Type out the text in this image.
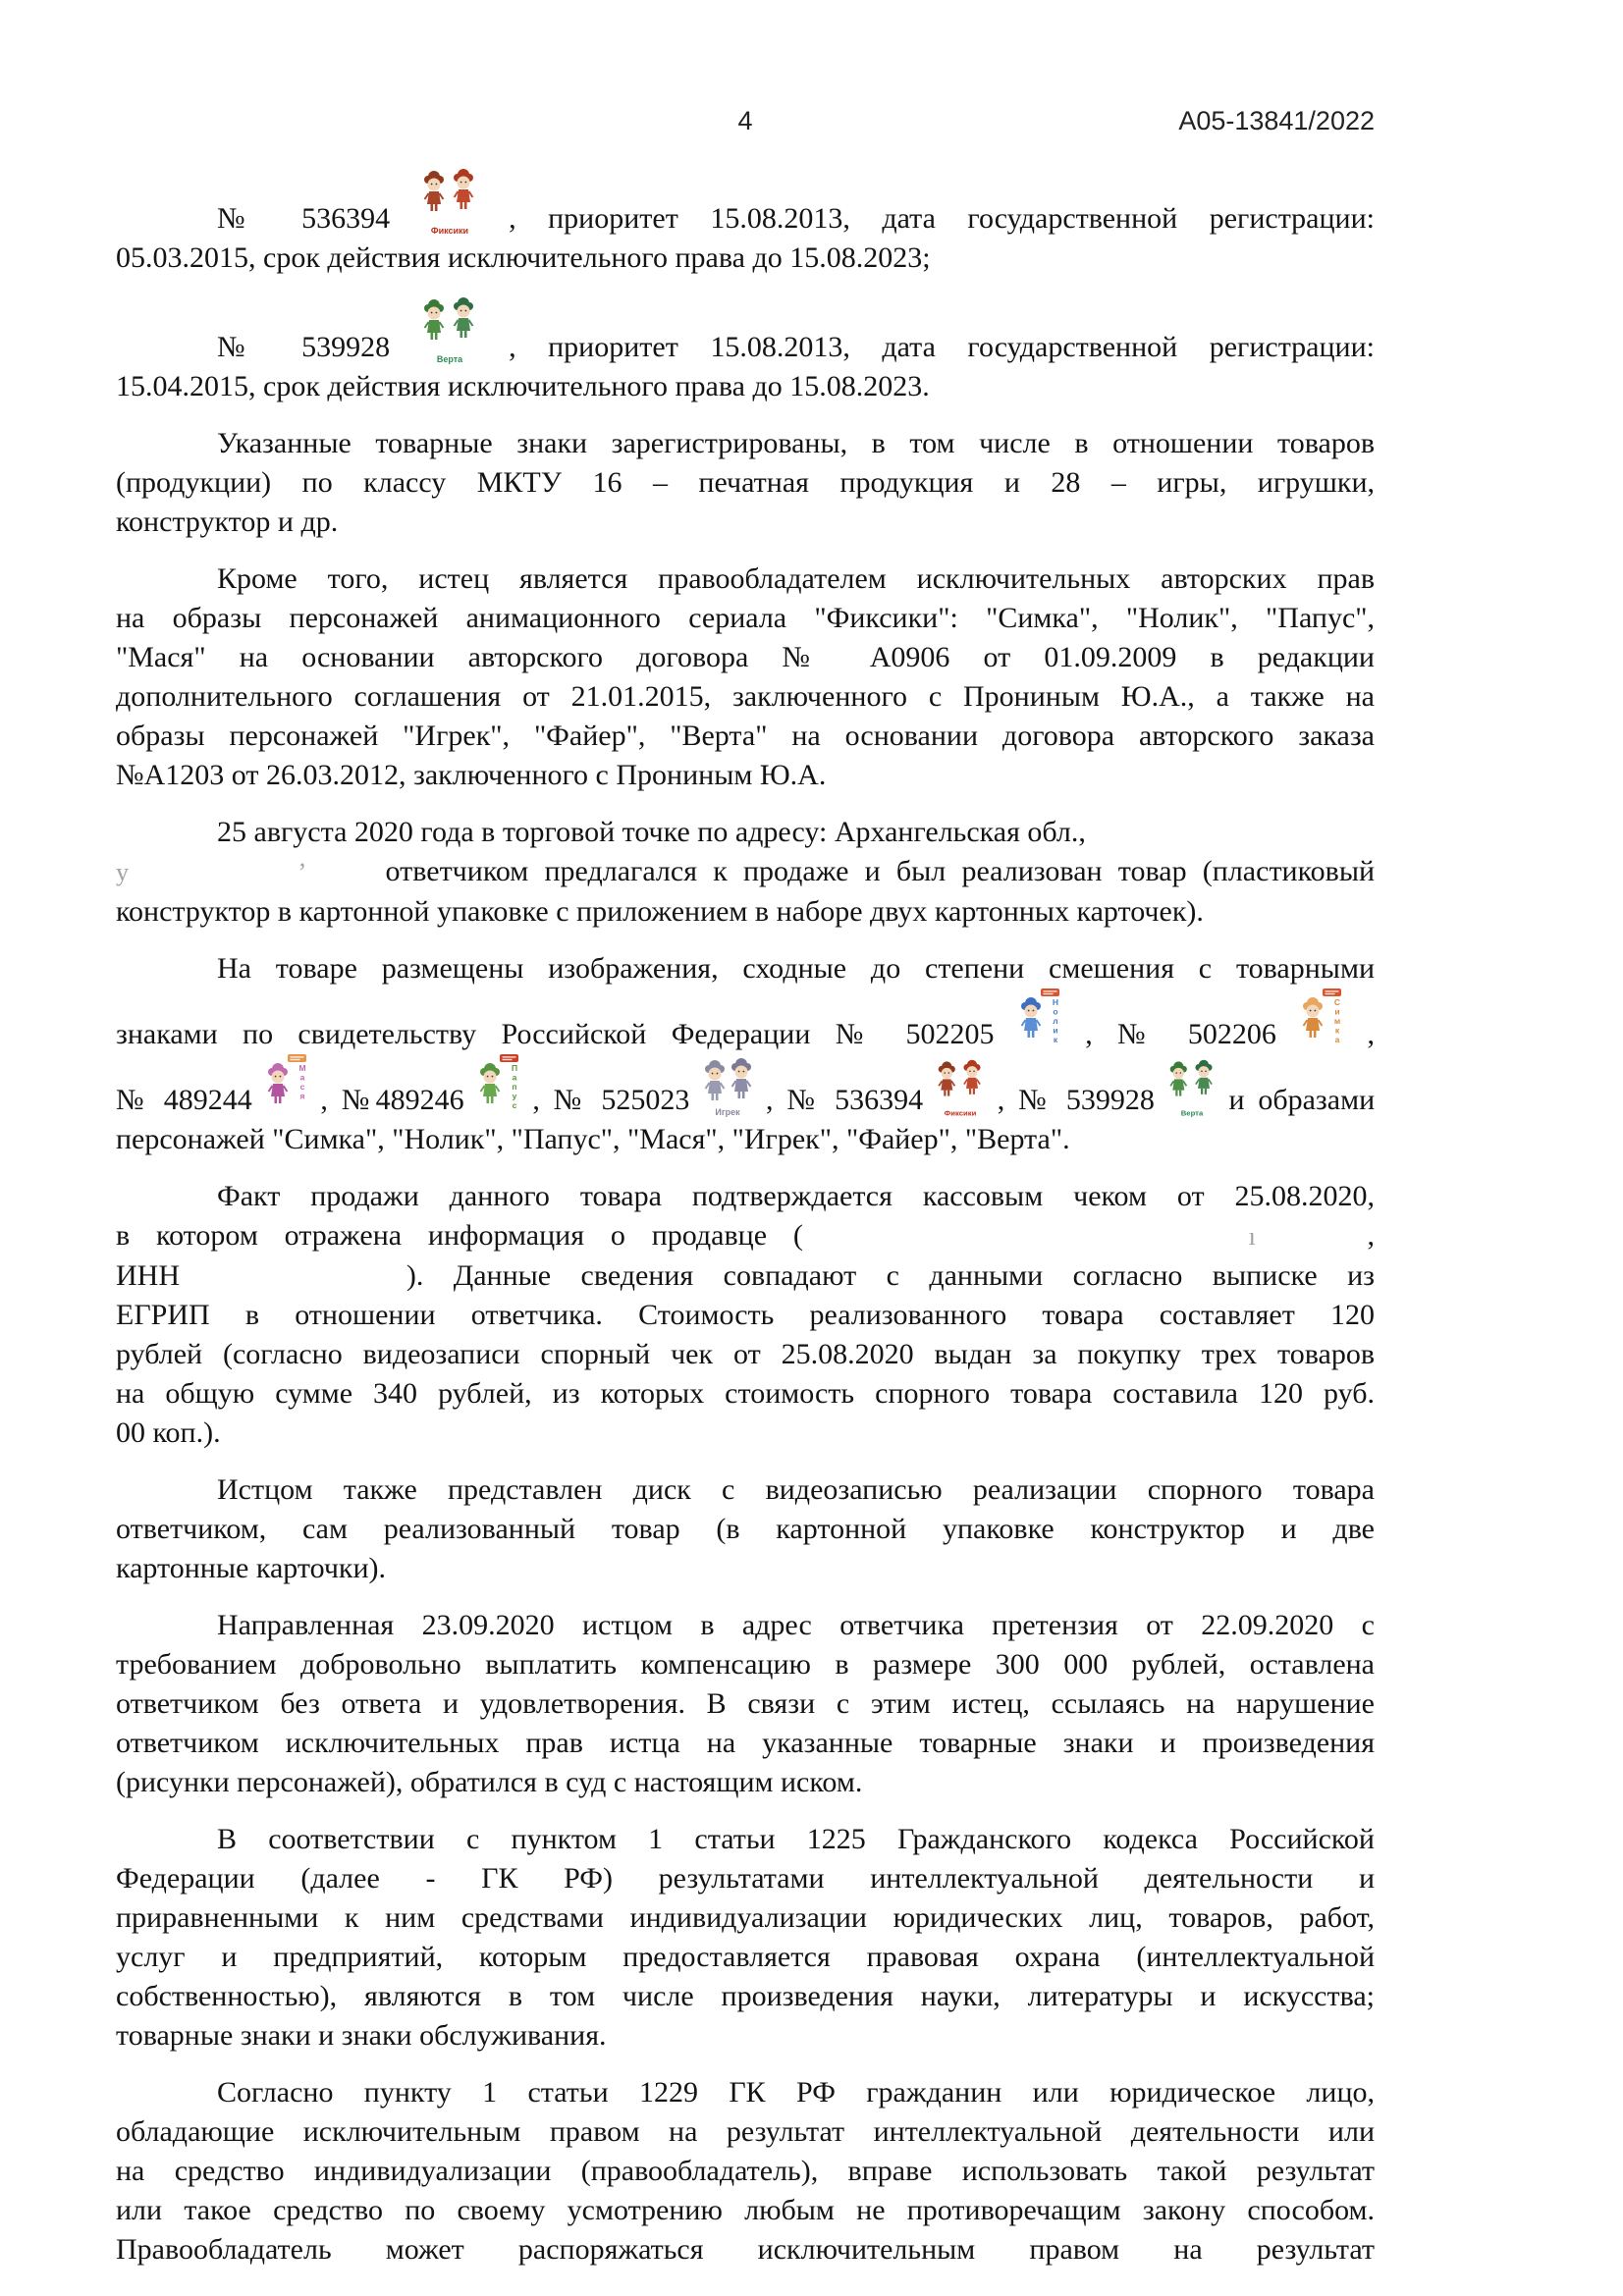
4	А05-13841/2022
№ 536394 Фиксики , приоритет 15.08.2013, дата государственной регистрации:
05.03.2015, срок действия исключительного права до 15.08.2023;
№ 539928 Верта , приоритет 15.08.2013, дата государственной регистрации:
15.04.2015, срок действия исключительного права до 15.08.2023.
Указанные товарные знаки зарегистрированы, в том числе в отношении товаров
(продукции) по классу МКТУ 16 – печатная продукция и 28 – игры, игрушки,
конструктор и др.
Кроме того, истец является правообладателем исключительных авторских прав
на образы персонажей анимационного сериала "Фиксики": "Симка", "Нолик", "Папус",
"Мася" на основании авторского договора № А0906 от 01.09.2009 в редакции
дополнительного соглашения от 21.01.2015, заключенного с Прониным Ю.А., а также на
образы персонажей "Игрек", "Файер", "Верта" на основании договора авторского заказа
№А1203 от 26.03.2012, заключенного с Прониным Ю.А.
25 августа 2020 года в торговой точке по адресу: Архангельская обл.,
у	’	ответчиком предлагался к продаже и был реализован товар (пластиковый
конструктор в картонной упаковке с приложением в наборе двух картонных карточек).
На товаре размещены изображения, сходные до степени смешения с товарными
знаками по свидетельству Российской Федерации № 502205
Н
о
л
и
к , № 502206
С
и
м
к
а ,
№ 489244
М
а
с
я , №489246
П
а
п
у
с , № 525023 Игрек , № 536394 Фиксики , № 539928 Верта и образами
персонажей "Симка", "Нолик", "Папус", "Мася", "Игрек", "Файер", "Верта".
Факт продажи данного товара подтверждается кассовым чеком от 25.08.2020,
в котором отражена информация о продавце (	ı	,
ИНН	). Данные сведения совпадают с данными согласно выписке из
ЕГРИП в отношении ответчика. Стоимость реализованного товара составляет 120
рублей (согласно видеозаписи спорный чек от 25.08.2020 выдан за покупку трех товаров
на общую сумме 340 рублей, из которых стоимость спорного товара составила 120 руб.
00 коп.).
Истцом также представлен диск с видеозаписью реализации спорного товара
ответчиком, сам реализованный товар (в картонной упаковке конструктор и две
картонные карточки).
Направленная 23.09.2020 истцом в адрес ответчика претензия от 22.09.2020 с
требованием добровольно выплатить компенсацию в размере 300 000 рублей, оставлена
ответчиком без ответа и удовлетворения. В связи с этим истец, ссылаясь на нарушение
ответчиком исключительных прав истца на указанные товарные знаки и произведения
(рисунки персонажей), обратился в суд с настоящим иском.
В соответствии с пунктом 1 статьи 1225 Гражданского кодекса Российской
Федерации (далее - ГК РФ) результатами интеллектуальной деятельности и
приравненными к ним средствами индивидуализации юридических лиц, товаров, работ,
услуг и предприятий, которым предоставляется правовая охрана (интеллектуальной
собственностью), являются в том числе произведения науки, литературы и искусства;
товарные знаки и знаки обслуживания.
Согласно пункту 1 статьи 1229 ГК РФ гражданин или юридическое лицо,
обладающие исключительным правом на результат интеллектуальной деятельности или
на средство индивидуализации (правообладатель), вправе использовать такой результат
или такое средство по своему усмотрению любым не противоречащим закону способом.
Правообладатель может распоряжаться исключительным правом на результат
